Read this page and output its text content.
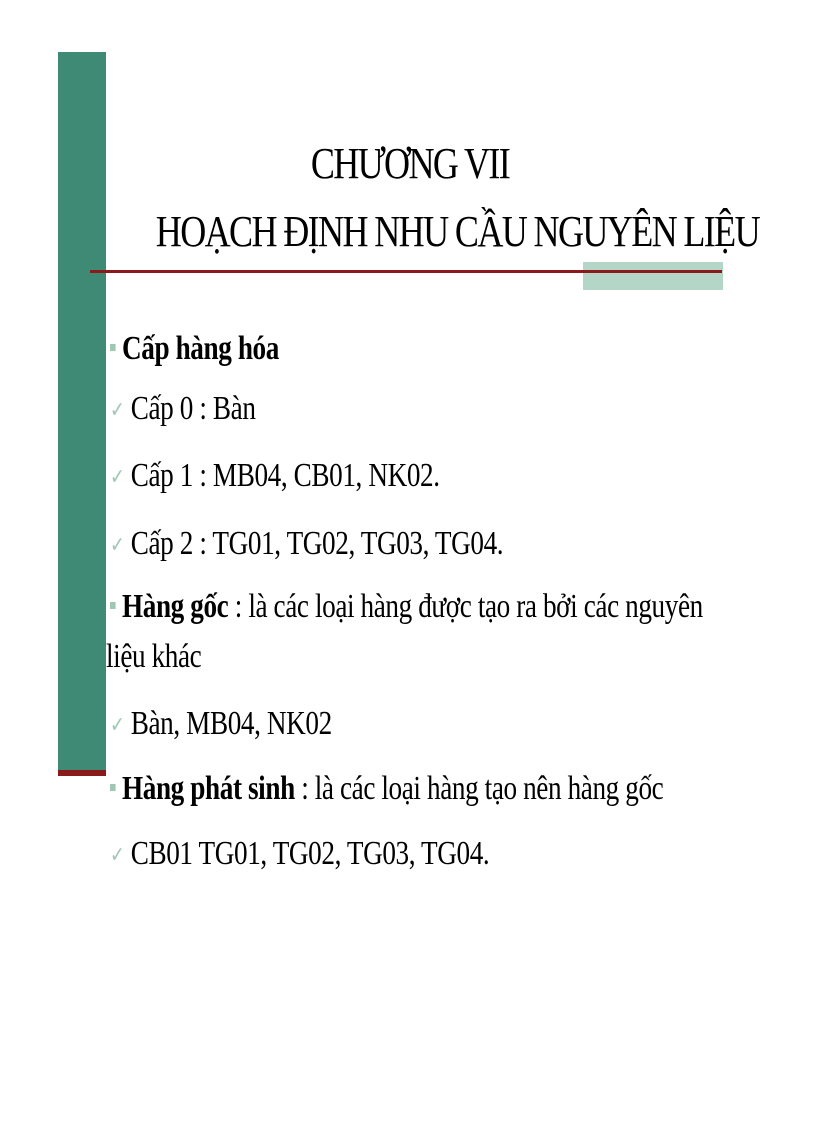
CHƯƠNG VII
HOẠCH ĐỊNH NHU CẦU NGUYÊN LIỆU
Cấp hàng hóa
✓ Cấp 0 : Bàn
✓ Cấp 1 : MB04, CB01, NK02.
✓ Cấp 2 : TG01, TG02, TG03, TG04.
Hàng gốc : là các loại hàng được tạo ra bởi các nguyên
liệu khác
✓ Bàn, MB04, NK02
Hàng phát sinh : là các loại hàng tạo nên hàng gốc
✓ CB01 TG01, TG02, TG03, TG04.
